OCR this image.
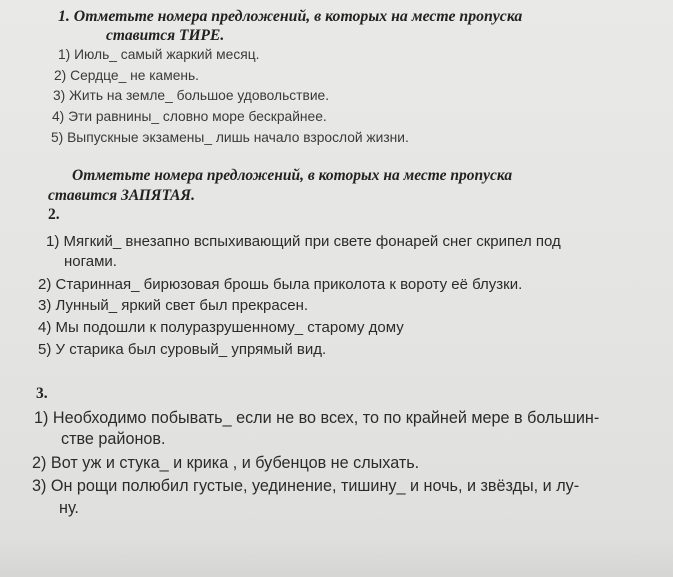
1. Отметьте номера предложений, в которых на месте пропуска
ставится ТИРЕ.
1) Июль_ самый жаркий месяц.
2) Сердце_ не камень.
3) Жить на земле_ большое удовольствие.
4) Эти равнины_ словно море бескрайнее.
5) Выпускные экзамены_ лишь начало взрослой жизни.
Отметьте номера предложений, в которых на месте пропуска
ставится ЗАПЯТАЯ.
2.
1) Мягкий_ внезапно вспыхивающий при свете фонарей снег скрипел под
ногами.
2) Старинная_ бирюзовая брошь была приколота к вороту её блузки.
3) Лунный_ яркий свет был прекрасен.
4) Мы подошли к полуразрушенному_ старому дому
5) У старика был суровый_ упрямый вид.
3.
1) Необходимо побывать_ если не во всех, то по крайней мере в большин-
стве районов.
2) Вот уж и стука_ и крика , и бубенцов не слыхать.
3) Он рощи полюбил густые, уединение, тишину_ и ночь, и звёзды, и лу-
ну.
